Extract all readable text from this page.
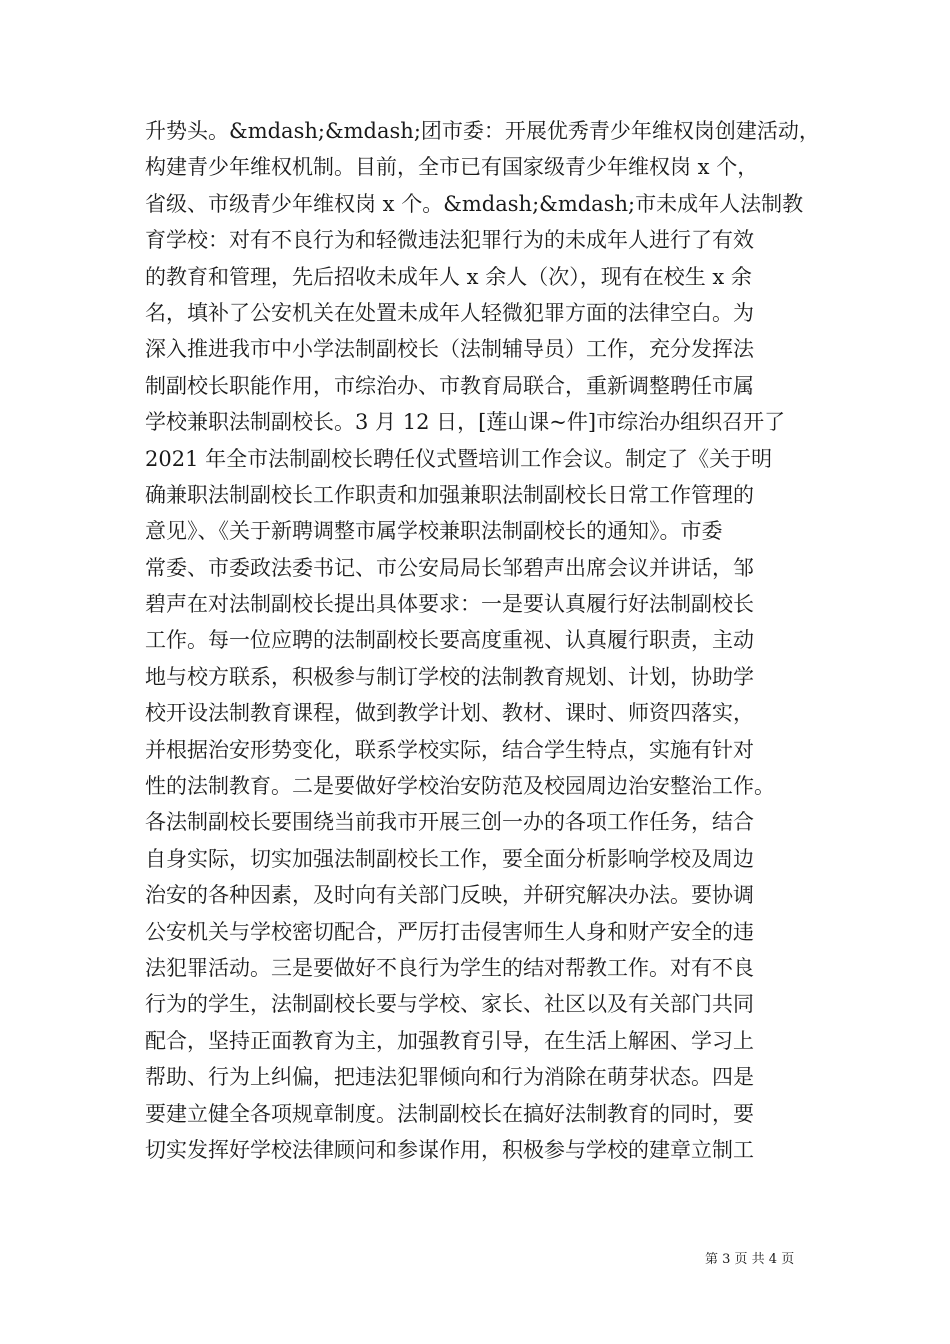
升势头。&mdash;&mdash;团市委：开展优秀青少年维权岗创建活动，
构建青少年维权机制。目前，全市已有国家级青少年维权岗 x 个，
省级、市级青少年维权岗 x 个。&mdash;&mdash;市未成年人法制教
育学校：对有不良行为和轻微违法犯罪行为的未成年人进行了有效
的教育和管理，先后招收未成年人 x 余人（次），现有在校生 x 余
名，填补了公安机关在处置未成年人轻微犯罪方面的法律空白。为
深入推进我市中小学法制副校长（法制辅导员）工作，充分发挥法
制副校长职能作用，市综治办、市教育局联合，重新调整聘任市属
学校兼职法制副校长。3 月 12 日，[莲山课~件]市综治办组织召开了
2021 年全市法制副校长聘任仪式暨培训工作会议。制定了《关于明
确兼职法制副校长工作职责和加强兼职法制副校长日常工作管理的
意见》、《关于新聘调整市属学校兼职法制副校长的通知》。市委
常委、市委政法委书记、市公安局局长邹碧声出席会议并讲话，邹
碧声在对法制副校长提出具体要求：一是要认真履行好法制副校长
工作。每一位应聘的法制副校长要高度重视、认真履行职责，主动
地与校方联系，积极参与制订学校的法制教育规划、计划，协助学
校开设法制教育课程，做到教学计划、教材、课时、师资四落实，
并根据治安形势变化，联系学校实际，结合学生特点，实施有针对
性的法制教育。二是要做好学校治安防范及校园周边治安整治工作。
各法制副校长要围绕当前我市开展三创一办的各项工作任务，结合
自身实际，切实加强法制副校长工作，要全面分析影响学校及周边
治安的各种因素，及时向有关部门反映，并研究解决办法。要协调
公安机关与学校密切配合，严厉打击侵害师生人身和财产安全的违
法犯罪活动。三是要做好不良行为学生的结对帮教工作。对有不良
行为的学生，法制副校长要与学校、家长、社区以及有关部门共同
配合，坚持正面教育为主，加强教育引导，在生活上解困、学习上
帮助、行为上纠偏，把违法犯罪倾向和行为消除在萌芽状态。四是
要建立健全各项规章制度。法制副校长在搞好法制教育的同时，要
切实发挥好学校法律顾问和参谋作用，积极参与学校的建章立制工
第 3 页 共 4 页
